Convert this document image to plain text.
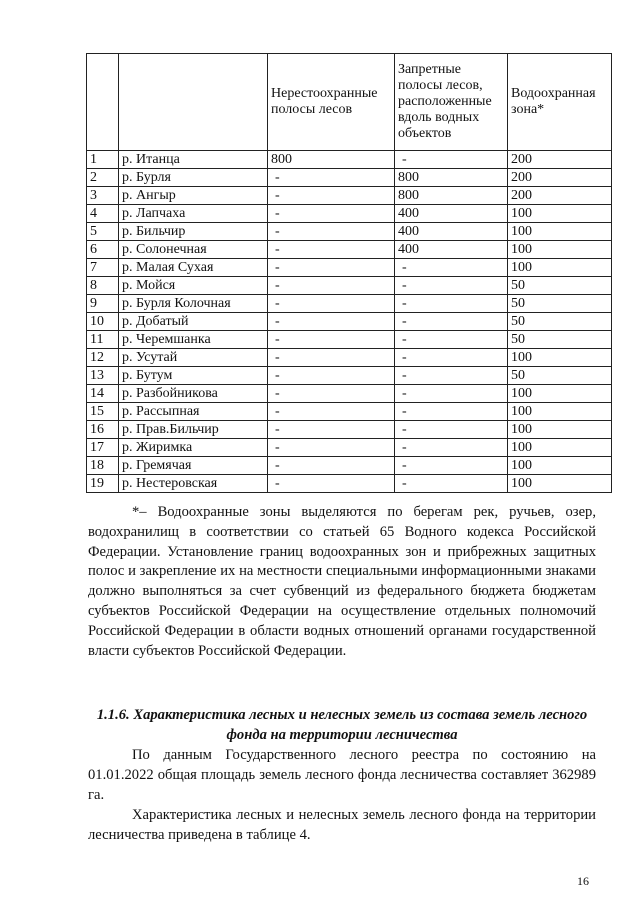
		Нерестоохранные полосы лесов	Запретные полосы лесов, расположенные вдоль водных объектов	Водоохранная зона*
1	р. Итанца	800	-	200
2	р. Бурля	-	800	200
3	р. Ангыр	-	800	200
4	р. Лапчаха	-	400	100
5	р. Бильчир	-	400	100
6	р. Солонечная	-	400	100
7	р. Малая Сухая	-	-	100
8	р. Мойся	-	-	50
9	р. Бурля Колочная	-	-	50
10	р. Добатый	-	-	50
11	р. Черемшанка	-	-	50
12	р. Усутай	-	-	100
13	р. Бутум	-	-	50
14	р. Разбойникова	-	-	100
15	р. Рассыпная	-	-	100
16	р. Прав.Бильчир	-	-	100
17	р. Жиримка	-	-	100
18	р. Гремячая	-	-	100
19	р. Нестеровская	-	-	100

*– Водоохранные зоны выделяются по берегам рек, ручьев, озер, водохранилищ в соответствии со статьей 65 Водного кодекса Российской Федерации. Установление границ водоохранных зон и прибрежных защитных полос и закрепление их на местности специальными информационными знаками должно выполняться за счет субвенций из федерального бюджета бюджетам субъектов Российской Федерации на осуществление отдельных полномочий Российской Федерации в области водных отношений органами государственной власти субъектов Российской Федерации.

1.1.6. Характеристика лесных и нелесных земель из состава земель лесного фонда на территории лесничества

По данным Государственного лесного реестра по состоянию на 01.01.2022 общая площадь земель лесного фонда лесничества составляет 362989 га.

Характеристика лесных и нелесных земель лесного фонда на территории лесничества приведена в таблице 4.

16
